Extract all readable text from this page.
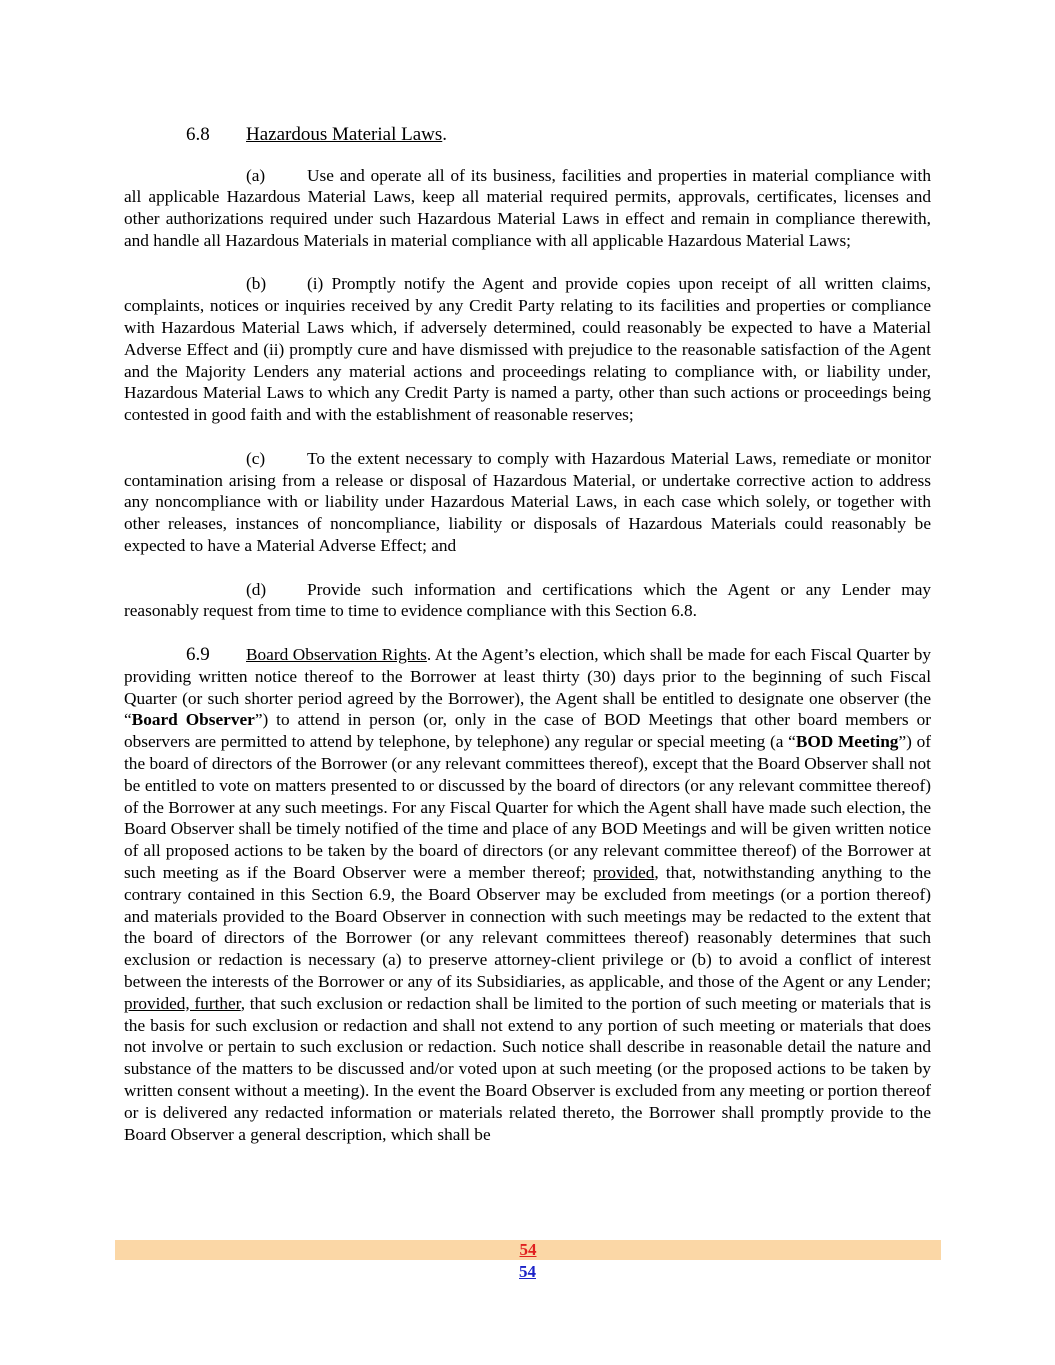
6.8 Hazardous Material Laws.

(a) Use and operate all of its business, facilities and properties in material compliance with all applicable Hazardous Material Laws, keep all material required permits, approvals, certificates, licenses and other authorizations required under such Hazardous Material Laws in effect and remain in compliance therewith, and handle all Hazardous Materials in material compliance with all applicable Hazardous Material Laws;

(b) (i) Promptly notify the Agent and provide copies upon receipt of all written claims, complaints, notices or inquiries received by any Credit Party relating to its facilities and properties or compliance with Hazardous Material Laws which, if adversely determined, could reasonably be expected to have a Material Adverse Effect and (ii) promptly cure and have dismissed with prejudice to the reasonable satisfaction of the Agent and the Majority Lenders any material actions and proceedings relating to compliance with, or liability under, Hazardous Material Laws to which any Credit Party is named a party, other than such actions or proceedings being contested in good faith and with the establishment of reasonable reserves;

(c) To the extent necessary to comply with Hazardous Material Laws, remediate or monitor contamination arising from a release or disposal of Hazardous Material, or undertake corrective action to address any noncompliance with or liability under Hazardous Material Laws, in each case which solely, or together with other releases, instances of noncompliance, liability or disposals of Hazardous Materials could reasonably be expected to have a Material Adverse Effect; and

(d) Provide such information and certifications which the Agent or any Lender may reasonably request from time to time to evidence compliance with this Section 6.8.

6.9 Board Observation Rights. At the Agent’s election, which shall be made for each Fiscal Quarter by providing written notice thereof to the Borrower at least thirty (30) days prior to the beginning of such Fiscal Quarter (or such shorter period agreed by the Borrower), the Agent shall be entitled to designate one observer (the “Board Observer”) to attend in person (or, only in the case of BOD Meetings that other board members or observers are permitted to attend by telephone, by telephone) any regular or special meeting (a “BOD Meeting”) of the board of directors of the Borrower (or any relevant committees thereof), except that the Board Observer shall not be entitled to vote on matters presented to or discussed by the board of directors (or any relevant committee thereof) of the Borrower at any such meetings. For any Fiscal Quarter for which the Agent shall have made such election, the Board Observer shall be timely notified of the time and place of any BOD Meetings and will be given written notice of all proposed actions to be taken by the board of directors (or any relevant committee thereof) of the Borrower at such meeting as if the Board Observer were a member thereof; provided, that, notwithstanding anything to the contrary contained in this Section 6.9, the Board Observer may be excluded from meetings (or a portion thereof) and materials provided to the Board Observer in connection with such meetings may be redacted to the extent that the board of directors of the Borrower (or any relevant committees thereof) reasonably determines that such exclusion or redaction is necessary (a) to preserve attorney-client privilege or (b) to avoid a conflict of interest between the interests of the Borrower or any of its Subsidiaries, as applicable, and those of the Agent or any Lender; provided, further, that such exclusion or redaction shall be limited to the portion of such meeting or materials that is the basis for such exclusion or redaction and shall not extend to any portion of such meeting or materials that does not involve or pertain to such exclusion or redaction. Such notice shall describe in reasonable detail the nature and substance of the matters to be discussed and/or voted upon at such meeting (or the proposed actions to be taken by written consent without a meeting). In the event the Board Observer is excluded from any meeting or portion thereof or is delivered any redacted information or materials related thereto, the Borrower shall promptly provide to the Board Observer a general description, which shall be

54
54
